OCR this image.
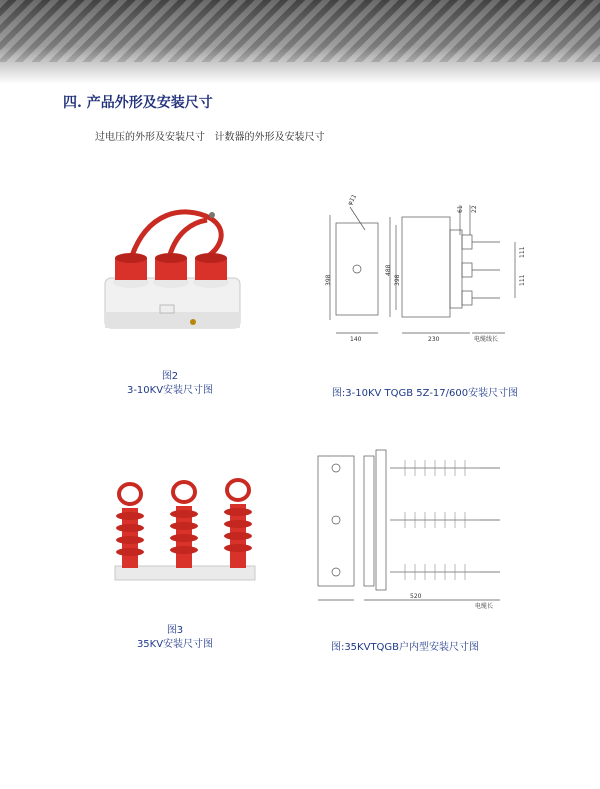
四. 产品外形及安装尺寸
过电压的外形及安装尺寸   计数器的外形及安装尺寸
图2
3-10KV安装尺寸图
140	230	电缆线长
398
488
398
111
111
61 22
φ11
图:3-10KV TQGB 5Z-17/600安装尺寸图
图3
35KV安装尺寸图
520
电缆长
图:35KVTQGB户内型安装尺寸图
